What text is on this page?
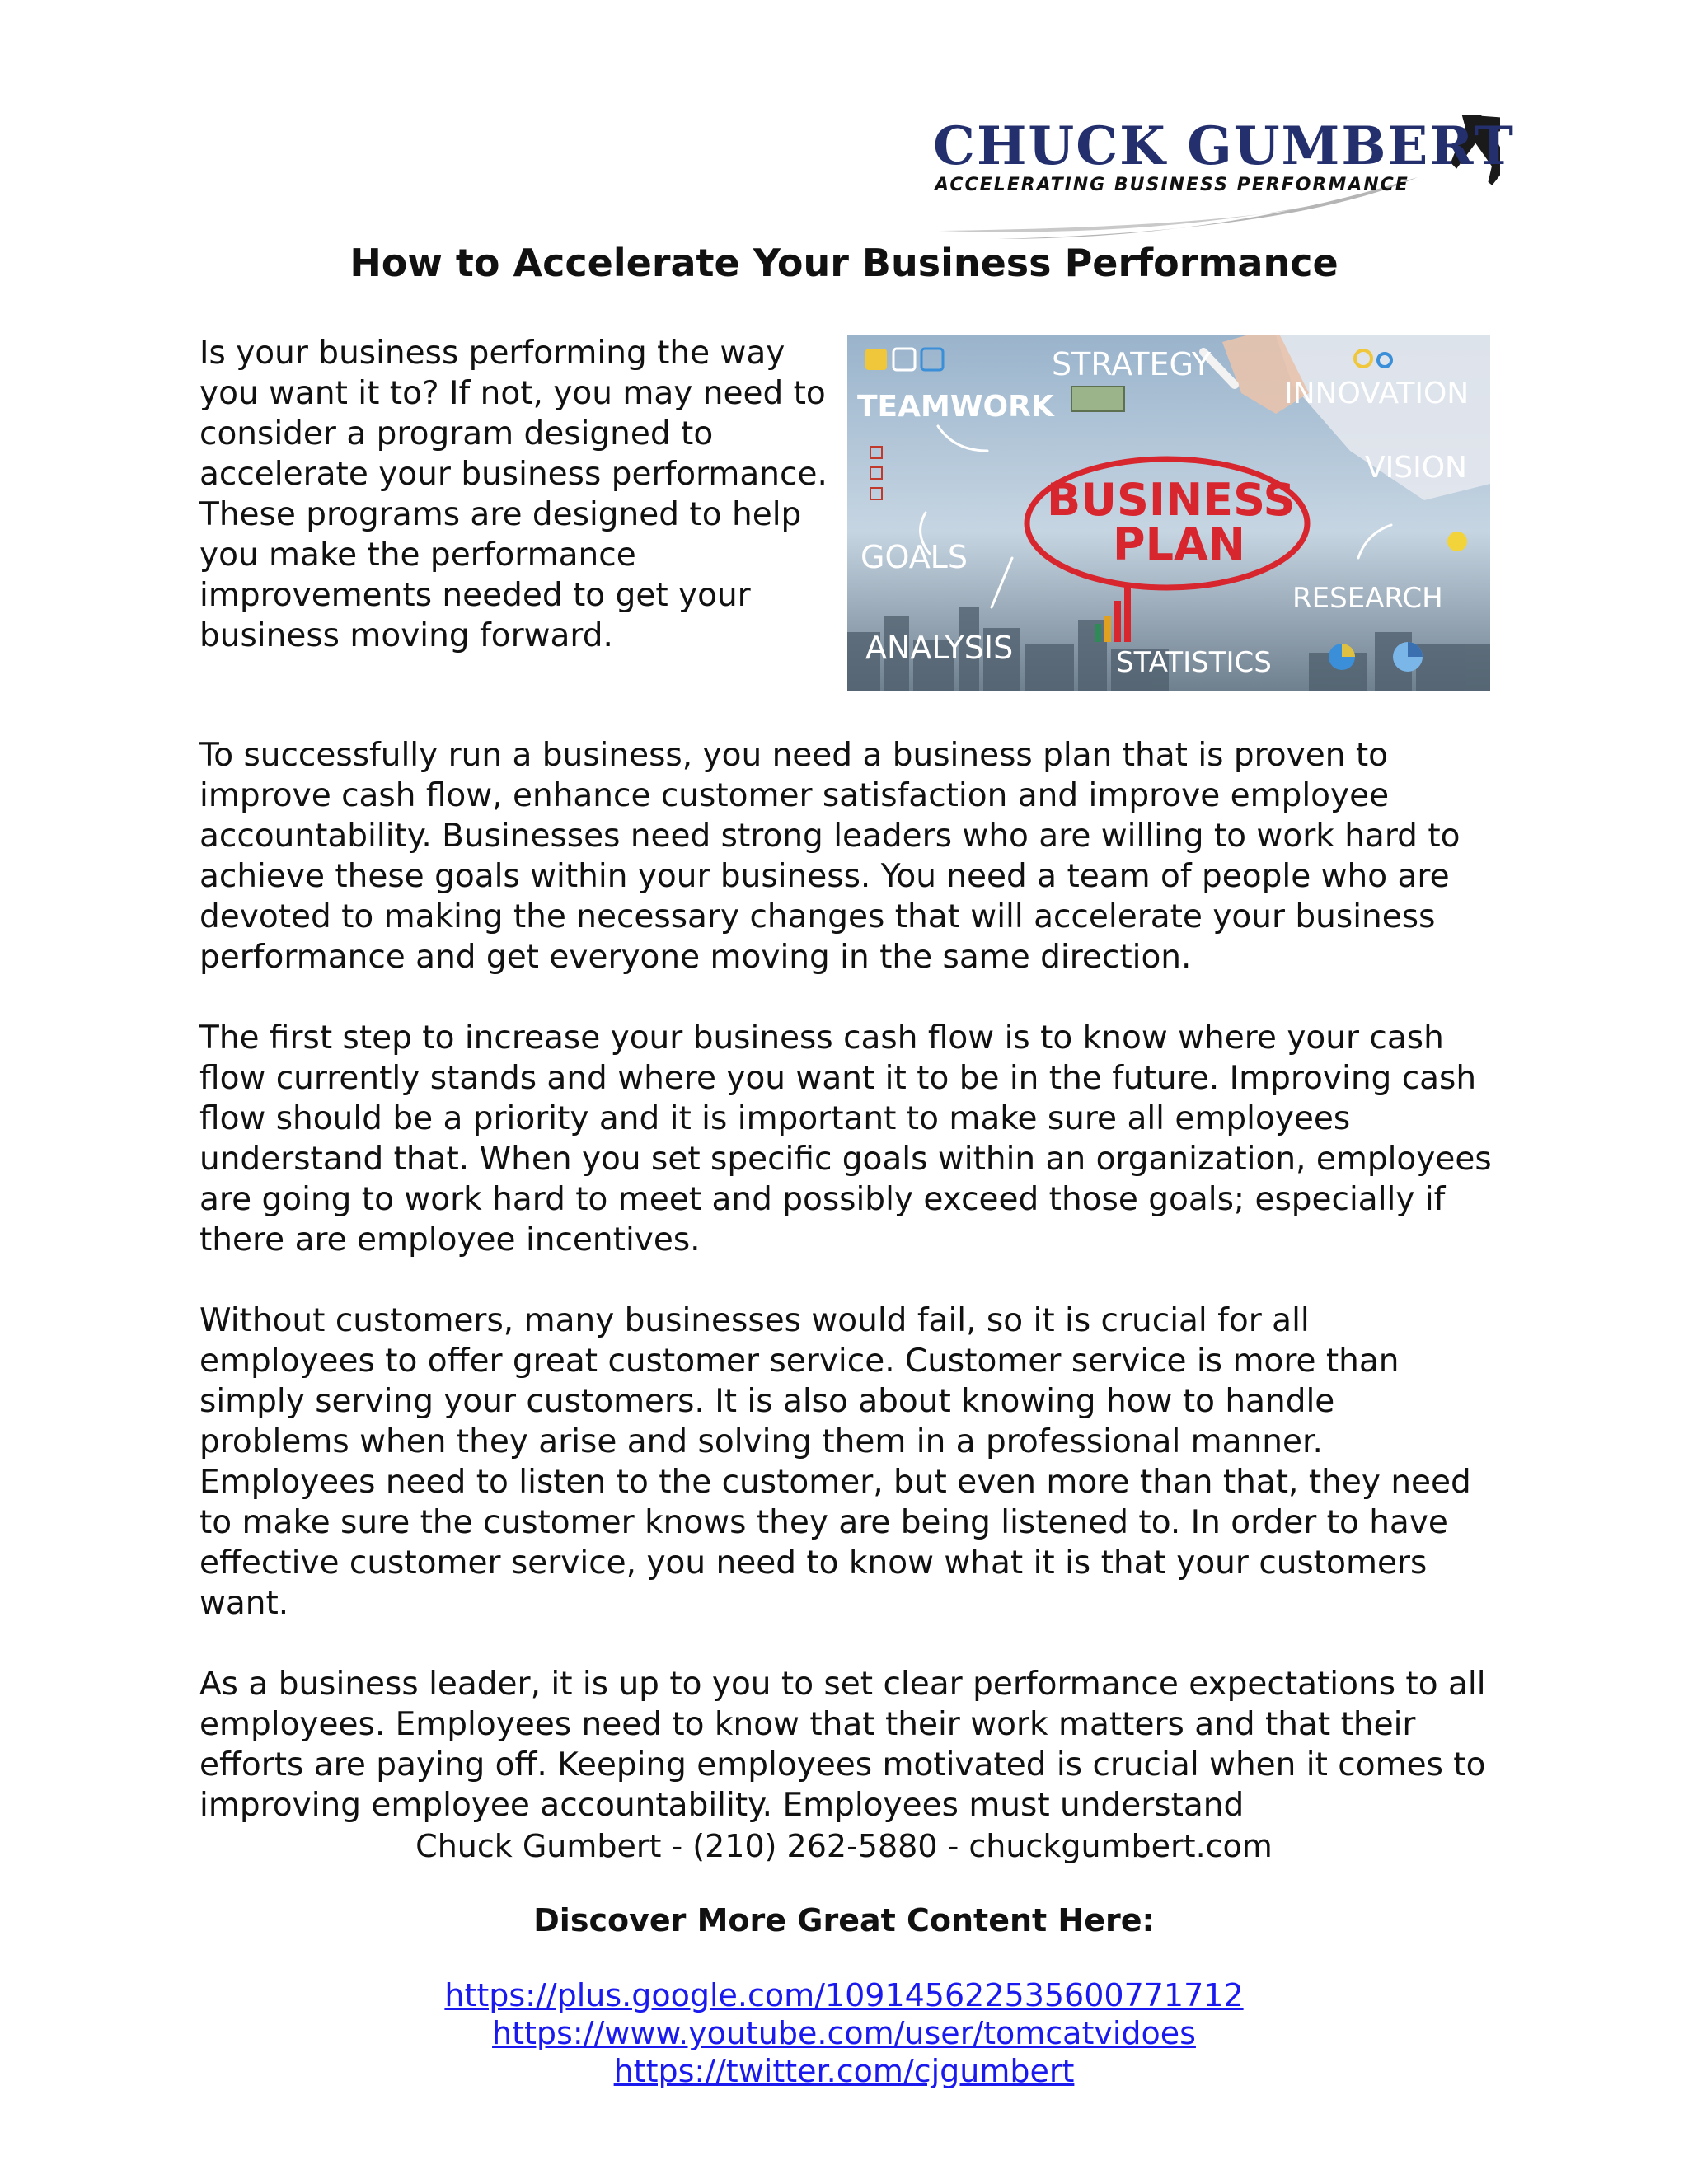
CHUCK GUMBERT
ACCELERATING BUSINESS PERFORMANCE
How to Accelerate Your Business Performance
Is your business performing the way you want it to? If not, you may need to consider a program designed to accelerate your business performance. These programs are designed to help you make the performance improvements needed to get your business moving forward.
STRATEGY
TEAMWORK	INNOVATION
VISION
BUSINESS
PLAN
GOALS
RESEARCH
ANALYSIS	STATISTICS

To successfully run a business, you need a business plan that is proven to improve cash flow, enhance customer satisfaction and improve employee accountability. Businesses need strong leaders who are willing to work hard to achieve these goals within your business. You need a team of people who are devoted to making the necessary changes that will accelerate your business performance and get everyone moving in the same direction.

The first step to increase your business cash flow is to know where your cash flow currently stands and where you want it to be in the future. Improving cash flow should be a priority and it is important to make sure all employees understand that. When you set specific goals within an organization, employees are going to work hard to meet and possibly exceed those goals; especially if there are employee incentives.

Without customers, many businesses would fail, so it is crucial for all employees to offer great customer service. Customer service is more than simply serving your customers. It is also about knowing how to handle problems when they arise and solving them in a professional manner. Employees need to listen to the customer, but even more than that, they need to make sure the customer knows they are being listened to. In order to have effective customer service, you need to know what it is that your customers want.

As a business leader, it is up to you to set clear performance expectations to all employees. Employees need to know that their work matters and that their efforts are paying off. Keeping employees motivated is crucial when it comes to improving employee accountability. Employees must understand

Chuck Gumbert - (210) 262-5880 - chuckgumbert.com
Discover More Great Content Here:
https://plus.google.com/109145622535600771712
https://www.youtube.com/user/tomcatvidoes
https://twitter.com/cjgumbert
